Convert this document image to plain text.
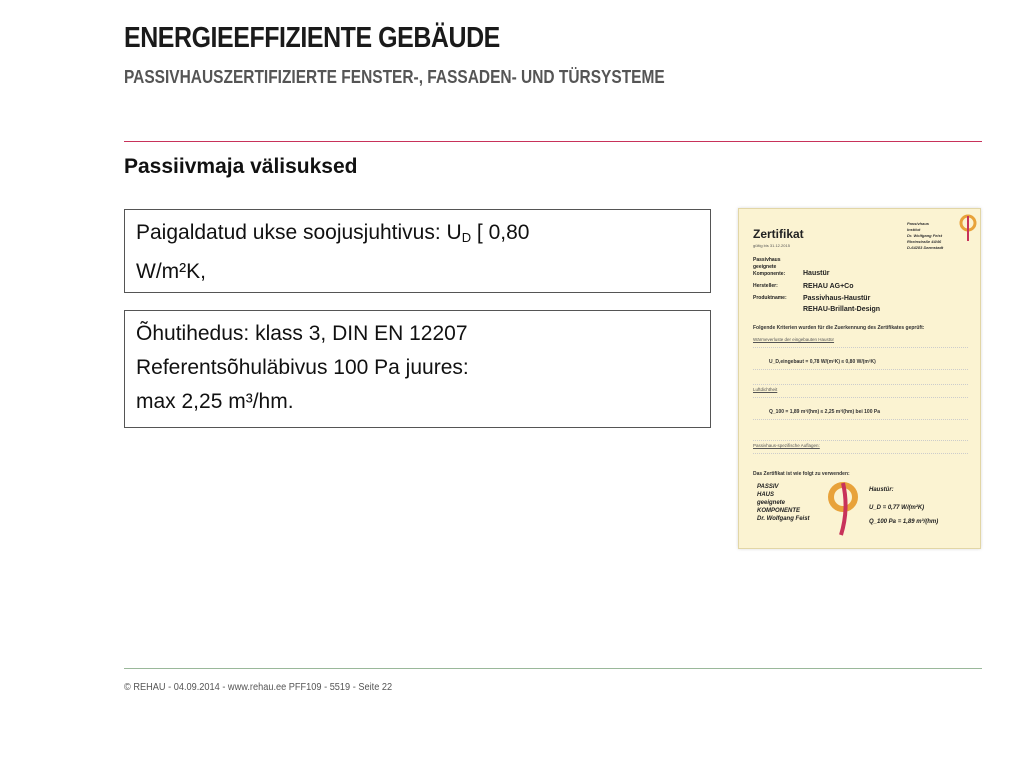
ENERGIEEFFIZIENTE GEBÄUDE
PASSIVHAUSZERTIFIZIERTE FENSTER-, FASSADEN- UND TÜRSYSTEME
Passiivmaja välisuksed
Paigaldatud ukse soojusjuhtivus: $U_D$ [ 0,80
W/m²K,
Õhutihedus: klass 3, DIN EN 12207
Referentsõhuläbivus 100 Pa juures:
max 2,25 m³/hm.
Zertifikat
gültig bis 31.12.2015
Passivhaus
Institut
Dr. Wolfgang Feist
Rheinstraße 44/46
D-64283 Darmstadt
Passivhaus geeignete Komponente:	Haustür
Hersteller:	REHAU AG+Co
Produktname: Passivhaus-Haustür
REHAU-Brillant-Design
Folgende Kriterien wurden für die Zuerkennung des Zertifikates geprüft:
Wärmeverluste der eingebauten Haustür
U_D,eingebaut = 0,78 W/(m²K) ≤ 0,80 W/(m²K)
Luftdichtheit
Q_100 = 1,89 m³/(hm) ≤ 2,25 m³/(hm) bei 100 Pa
Passivhaus-spezifische Auflagen:
Das Zertifikat ist wie folgt zu verwenden:
PASSIV
HAUS
geeignete
KOMPONENTE
Dr. Wolfgang Feist
Haustür:
U_D = 0,77 W/(m²K)
Q_100 Pa = 1,89 m³/(hm)
© REHAU - 04.09.2014 - www.rehau.ee PFF109 - 5519 - Seite 22
